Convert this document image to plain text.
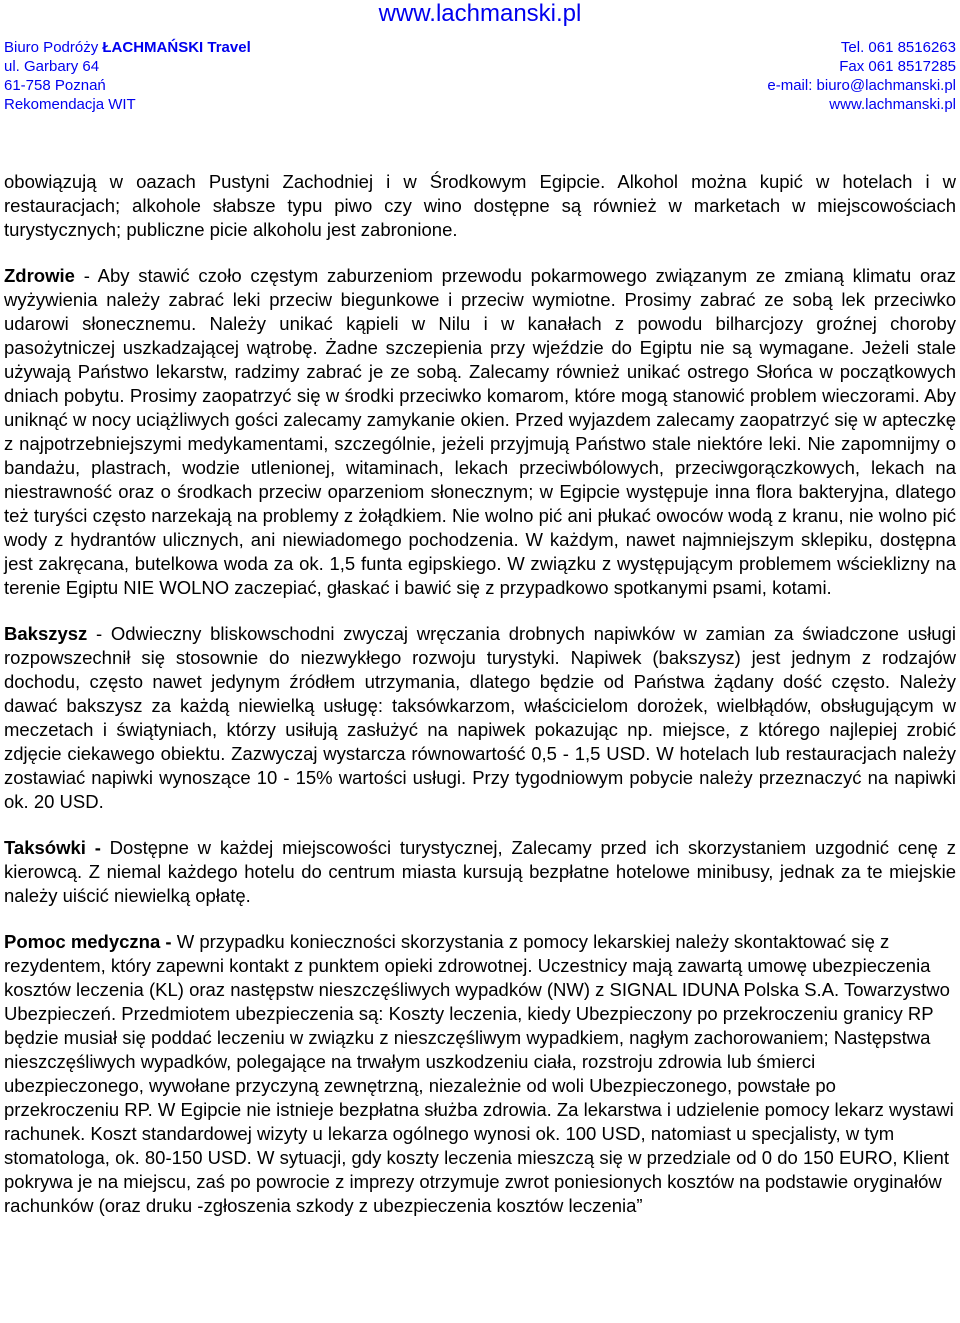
www.lachmanski.pl
Biuro Podróży ŁACHMAŃSKI Travel	Tel. 061 8516263
ul. Garbary 64	Fax 061 8517285
61-758 Poznań	e-mail: biuro@lachmanski.pl
Rekomendacja WIT	www.lachmanski.pl

obowiązują w oazach Pustyni Zachodniej i w Środkowym Egipcie. Alkohol można kupić w hotelach i w restauracjach; alkohole słabsze typu piwo czy wino dostępne są również w marketach w miejscowościach turystycznych; publiczne picie alkoholu jest zabronione.

Zdrowie - Aby stawić czoło częstym zaburzeniom przewodu pokarmowego związanym ze zmianą klimatu oraz wyżywienia należy zabrać leki przeciw biegunkowe i przeciw wymiotne. Prosimy zabrać ze sobą lek przeciwko udarowi słonecznemu. Należy unikać kąpieli w Nilu i w kanałach z powodu bilharcjozy groźnej choroby pasożytniczej uszkadzającej wątrobę. Żadne szczepienia przy wjeździe do Egiptu nie są wymagane. Jeżeli stale używają Państwo lekarstw, radzimy zabrać je ze sobą. Zalecamy również unikać ostrego Słońca w początkowych dniach pobytu. Prosimy zaopatrzyć się w środki przeciwko komarom, które mogą stanowić problem wieczorami. Aby uniknąć w nocy uciążliwych gości zalecamy zamykanie okien. Przed wyjazdem zalecamy zaopatrzyć się w apteczkę z najpotrzebniejszymi medykamentami, szczególnie, jeżeli przyjmują Państwo stale niektóre leki. Nie zapomnijmy o bandażu, plastrach, wodzie utlenionej, witaminach, lekach przeciwbólowych, przeciwgorączkowych, lekach na niestrawność oraz o środkach przeciw oparzeniom słonecznym; w Egipcie występuje inna flora bakteryjna, dlatego też turyści często narzekają na problemy z żołądkiem. Nie wolno pić ani płukać owoców wodą z kranu, nie wolno pić wody z hydrantów ulicznych, ani niewiadomego pochodzenia. W każdym, nawet najmniejszym sklepiku, dostępna jest zakręcana, butelkowa woda za ok. 1,5 funta egipskiego. W związku z występującym problemem wścieklizny na terenie Egiptu NIE WOLNO zaczepiać, głaskać i bawić się z przypadkowo spotkanymi psami, kotami.

Bakszysz - Odwieczny bliskowschodni zwyczaj wręczania drobnych napiwków w zamian za świadczone usługi rozpowszechnił się stosownie do niezwykłego rozwoju turystyki. Napiwek (bakszysz) jest jednym z rodzajów dochodu, często nawet jedynym źródłem utrzymania, dlatego będzie od Państwa żądany dość często. Należy dawać bakszysz za każdą niewielką usługę: taksówkarzom, właścicielom dorożek, wielbłądów, obsługującym w meczetach i świątyniach, którzy usiłują zasłużyć na napiwek pokazując np. miejsce, z którego najlepiej zrobić zdjęcie ciekawego obiektu. Zazwyczaj wystarcza równowartość 0,5 - 1,5 USD. W hotelach lub restauracjach należy zostawiać napiwki wynoszące 10 - 15% wartości usługi. Przy tygodniowym pobycie należy przeznaczyć na napiwki ok. 20 USD.

Taksówki - Dostępne w każdej miejscowości turystycznej, Zalecamy przed ich skorzystaniem uzgodnić cenę z kierowcą. Z niemal każdego hotelu do centrum miasta kursują bezpłatne hotelowe minibusy, jednak za te miejskie należy uiścić niewielką opłatę.

Pomoc medyczna - W przypadku konieczności skorzystania z pomocy lekarskiej należy skontaktować się z rezydentem, który zapewni kontakt z punktem opieki zdrowotnej. Uczestnicy mają zawartą umowę ubezpieczenia kosztów leczenia (KL) oraz następstw nieszczęśliwych wypadków (NW) z SIGNAL IDUNA Polska S.A. Towarzystwo Ubezpieczeń. Przedmiotem ubezpieczenia są: Koszty leczenia, kiedy Ubezpieczony po przekroczeniu granicy RP będzie musiał się poddać leczeniu w związku z nieszczęśliwym wypadkiem, nagłym zachorowaniem; Następstwa nieszczęśliwych wypadków, polegające na trwałym uszkodzeniu ciała, rozstroju zdrowia lub śmierci ubezpieczonego, wywołane przyczyną zewnętrzną, niezależnie od woli Ubezpieczonego, powstałe po przekroczeniu RP. W Egipcie nie istnieje bezpłatna służba zdrowia. Za lekarstwa i udzielenie pomocy lekarz wystawi rachunek. Koszt standardowej wizyty u lekarza ogólnego wynosi ok. 100 USD, natomiast u specjalisty, w tym stomatologa, ok. 80-150 USD. W sytuacji, gdy koszty leczenia mieszczą się w przedziale od 0 do 150 EURO, Klient pokrywa je na miejscu, zaś po powrocie z imprezy otrzymuje zwrot poniesionych kosztów na podstawie oryginałów rachunków (oraz druku -zgłoszenia szkody z ubezpieczenia kosztów leczenia”
